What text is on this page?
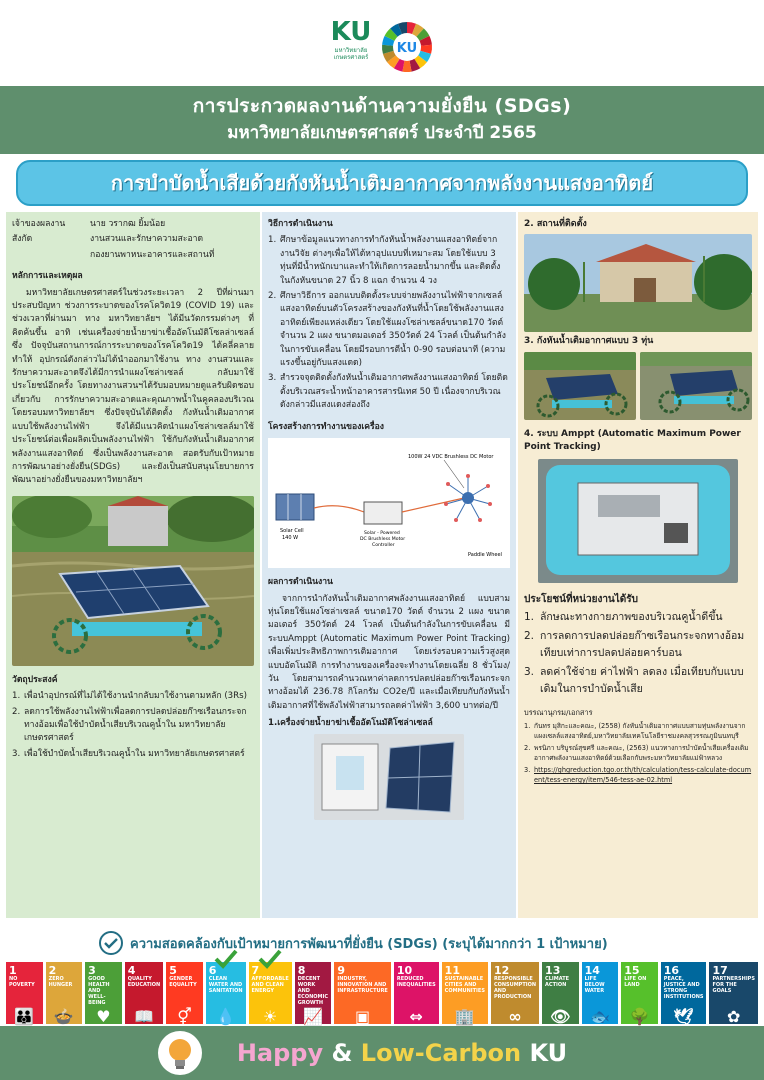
KU
มหาวิทยาลัยเกษตรศาสตร์
KU
การประกวดผลงานด้านความยั่งยืน (SDGs)
มหาวิทยาลัยเกษตรศาสตร์ ประจำปี 2565
การบำบัดน้ำเสียด้วยกังหันน้ำเติมอากาศจากพลังงานแสงอาทิตย์
เจ้าของผลงาน	นาย วรากฒ ยิ้มน้อย
สังกัด	งานสวนและรักษาความสะอาด
กองยานพาหนะอาคารและสถานที่
หลักการและเหตุผล
มหาวิทยาลัยเกษตรศาสตร์ในช่วงระยะเวลา 2 ปีที่ผ่านมา ประสบปัญหา ช่วงการระบาดของโรคโควิด19 (COVID 19) และช่วงเวลาที่ผ่านมา ทาง มหาวิทยาลัยฯ ได้มีนวัตกรรมต่างๆ ที่ คิดค้นขึ้น อาทิ เช่นเครื่องจ่ายน้ำยาฆ่าเชื้ออัตโนมัติโซลล่าเซลล์ ซึ่ง ปัจจุบันสถานการณ์การระบาดของโรคโควิด19 ได้คลี่คลายทำให้ อุปกรณ์ดังกล่าวไม่ได้นำออกมาใช้งาน ทาง งานสวนและรักษาความสะอาดจึงได้มีการนำแผงโซล่าเซลล์ กลับมาใช้ประโยชน์อีกครั้ง โดยทางงานสวนฯได้รับมอบหมายดูแลรับผิดชอบเกี่ยวกับ การรักษาความสะอาดและคุณภาพน้ำในคูคลองบริเวณโดยรอบมหาวิทยาลัยฯ ซึ่งปัจจุบันได้ติดตั้ง กังหันน้ำเติมอากาศแบบใช้พลังงานไฟฟ้า จึงได้มีแนวคิดนำแผงโซล่าเซลล์มาใช้ประโยชน์ต่อเพื่อผลิตเป็นพลังงานไฟฟ้า ใช้กับกังหันน้ำเติมอากาศพลังงานแสงอาทิตย์ ซึ่งเป็นพลังงานสะอาด สอดรับกับเป้าหมายการพัฒนาอย่างยั่งยืน(SDGs) และยังเป็นสนับสนุนโยบายการพัฒนาอย่างยั่งยืนของมหาวิทยาลัยฯ
วัตถุประสงค์
1. เพื่อนำอุปกรณ์ที่ไม่ได้ใช้งานนำกลับมาใช้งานตามหลัก (3Rs)
2. ลดการใช้พลังงานไฟฟ้าเพื่อลดการปลดปล่อยก๊าซเรือนกระจกทางอ้อมเพื่อใช้บำบัดน้ำเสียบริเวณคูน้ำใน มหาวิทยาลัยเกษตรศาสตร์
3. เพื่อใช้บำบัดน้ำเสียบริเวณคูน้ำใน มหาวิทยาลัยเกษตรศาสตร์
วิธีการดำเนินงาน
1. ศึกษาข้อมูลแนวทางการทำกังหันน้ำพลังงานแสงอาทิตย์จากงานวิจัย ต่างๆเพื่อให้ได้หาอุปแบบที่เหมาะสม โดยใช้แบบ 3 ทุ่นที่มีน้ำหนักเบาและทำให้เกิดการลอยน้ำมากขึ้น และติดตั้งในกังหันขนาด 27 นิ้ว 8 แฉก จำนวน 4 วง
2. ศึกษาวิธีการ ออกแบบติดตั้งระบบจ่ายพลังงานไฟฟ้าจากเซลล์แสงอาทิตย์บนตัวโครงสร้างของกังหันที่น้ำโดยใช้พลังงานแสงอาทิตย์เพียงแหล่งเดียว โดยใช้แผงโซล่าเซลล์ขนาด170 วัตต์ จำนวน 2 แผง ขนาดมอเตอร์ 350วัตต์ 24 โวลต์ เป็นต้นกำลังในการขับเคลื่อน โดยมีรอบการตีน้ำ 0-90 รอบต่อนาที (ความแรงขึ้นอยู่กับแสงแดด)
3. สำรวจจุดติดตั้งกังหันน้ำเติมอากาศพลังงานแสงอาทิตย์ โดยติดตั้งบริเวณสระน้ำหน้าอาคารสารนิเทศ 50 ปี เนื่องจากบริเวณดังกล่าวมีแสงแดงส่องถึง
โครงสร้างการทำงานของเครื่อง
Solar Cell
140 W
Solar - Powered
DC Brushless Motor
Controller
100W 24 VDC Brushless DC Motor
Paddle Wheel
ผลการดำเนินงาน
จากการนำกังหันน้ำเติมอากาศพลังงานแสงอาทิตย์ แบบสามทุ่นโดยใช้แผงโซล่าเซลล์ ขนาด170 วัตต์ จำนวน 2 แผง ขนาดมอเตอร์ 350วัตต์ 24 โวลต์ เป็นต้นกำลังในการขับเคลื่อน มีระบบAmppt (Automatic Maximum Power Point Tracking) เพื่อเพิ่มประสิทธิภาพการเติมอากาศ โดยเร่งรอบความเร็วสูงสุดแบบอัตโนมัติ การทำงานของเครื่องจะทำงานโดยเฉลี่ย 8 ชั่วโมง/วัน โดยสามารถคำนวณหาค่าลดการปลดปล่อยก๊าซเรือนกระจกทางอ้อมได้ 236.78 กิโลกรัม CO2e/ปี และเมื่อเทียบกับกังหันน้ำเติมอากาศที่ใช้พลังไฟฟ้าสามารถลดค่าไฟฟ้า 3,600 บาทต่อ/ปี
1.เครื่องจ่ายน้ำยาฆ่าเชื้ออัตโนมัติโซล่าเซลล์
2. สถานที่ติดตั้ง
3. กังหันน้ำเติมอากาศแบบ 3 ทุ่น
4. ระบบ Amppt (Automatic Maximum Power Point Tracking)
ประโยชน์ที่หน่วยงานได้รับ
1. ลักษณะทางกายภาพของบริเวณคูน้ำดีขึ้น
2. การลดการปลดปล่อยก๊าซเรือนกระจกทางอ้อม เทียบเท่าการปลดปล่อยคาร์บอน
3. ลดค่าใช้จ่าย ค่าไฟฟ้า ลดลง เมื่อเทียบกับแบบเดิมในการบำบัดน้ำเสีย
บรรณานุกรม/เอกสาร
1. กันทร มุสิกะและคณะ, (2558) กังหันน้ำเติมอากาศแบบสามทุ่นพลังงานจากแผงเซลล์แสงอาทิตย์,มหาวิทยาลัยเทคโนโลยีราชมงคลสุวรรณภูมินนทบุรี
2. พรนิภา บริบูรณ์สุขศรี และคณะ, (2563) แนวทางการบำบัดน้ำเสียเครื่องเติมอากาศพลังงานแสงอาทิตย์ด้วยเลือกกับพระมหาวิทยาลัยแม่ฟ้าหลวง
3. https://ghgreduction.tgo.or.th/th/calculation/tess-calculate-document/tess-energy/item/546-tess-ae-02.html
ความสอดคล้องกับเป้าหมายการพัฒนาที่ยั่งยืน (SDGs) (ระบุได้มากกว่า 1 เป้าหมาย)
1
NO POVERTY
👪
2
ZERO HUNGER
🍲
3
GOOD HEALTH AND WELL-BEING
♥
4
QUALITY EDUCATION
📖
5
GENDER EQUALITY
⚥
6
CLEAN WATER AND SANITATION
💧
7
AFFORDABLE AND CLEAN ENERGY
☀
8
DECENT WORK AND ECONOMIC GROWTH
📈
9
INDUSTRY, INNOVATION AND INFRASTRUCTURE
▣
10
REDUCED INEQUALITIES
⇔
11
SUSTAINABLE CITIES AND COMMUNITIES
🏢
12
RESPONSIBLE CONSUMPTION AND PRODUCTION
∞
13
CLIMATE ACTION
👁
14
LIFE BELOW WATER
🐟
15
LIFE ON LAND
🌳
16
PEACE, JUSTICE AND STRONG INSTITUTIONS
🕊
17
PARTNERSHIPS FOR THE GOALS
✿
Happy & Low-Carbon KU
